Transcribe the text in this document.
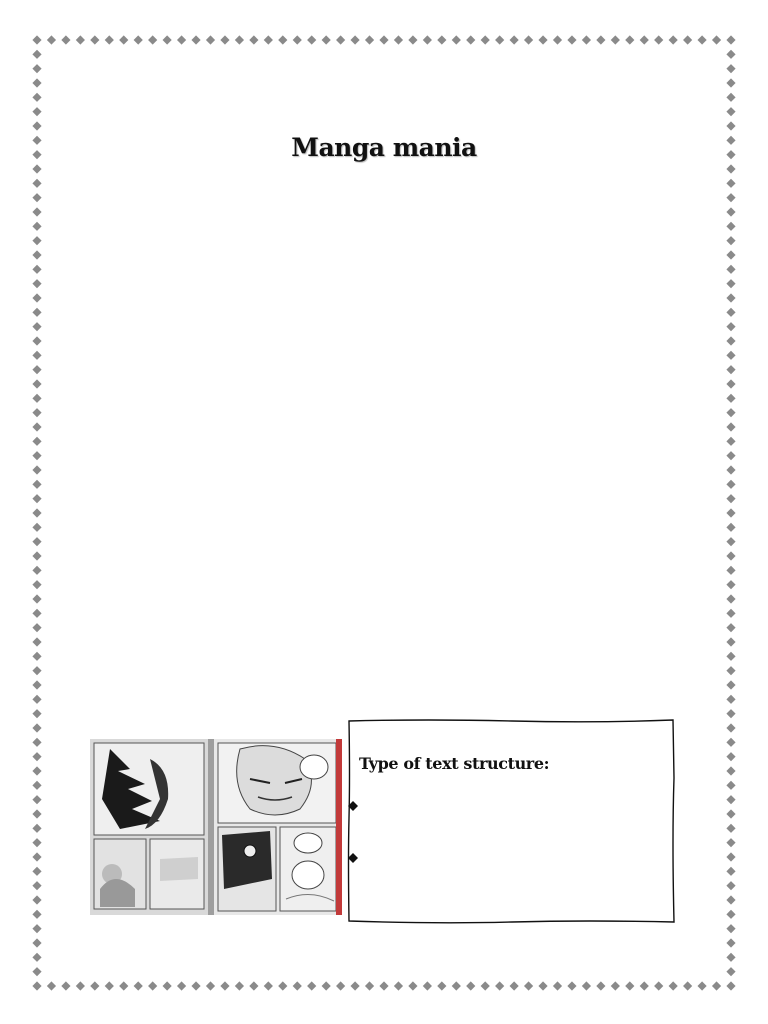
Manga mania
Type of text structure:
